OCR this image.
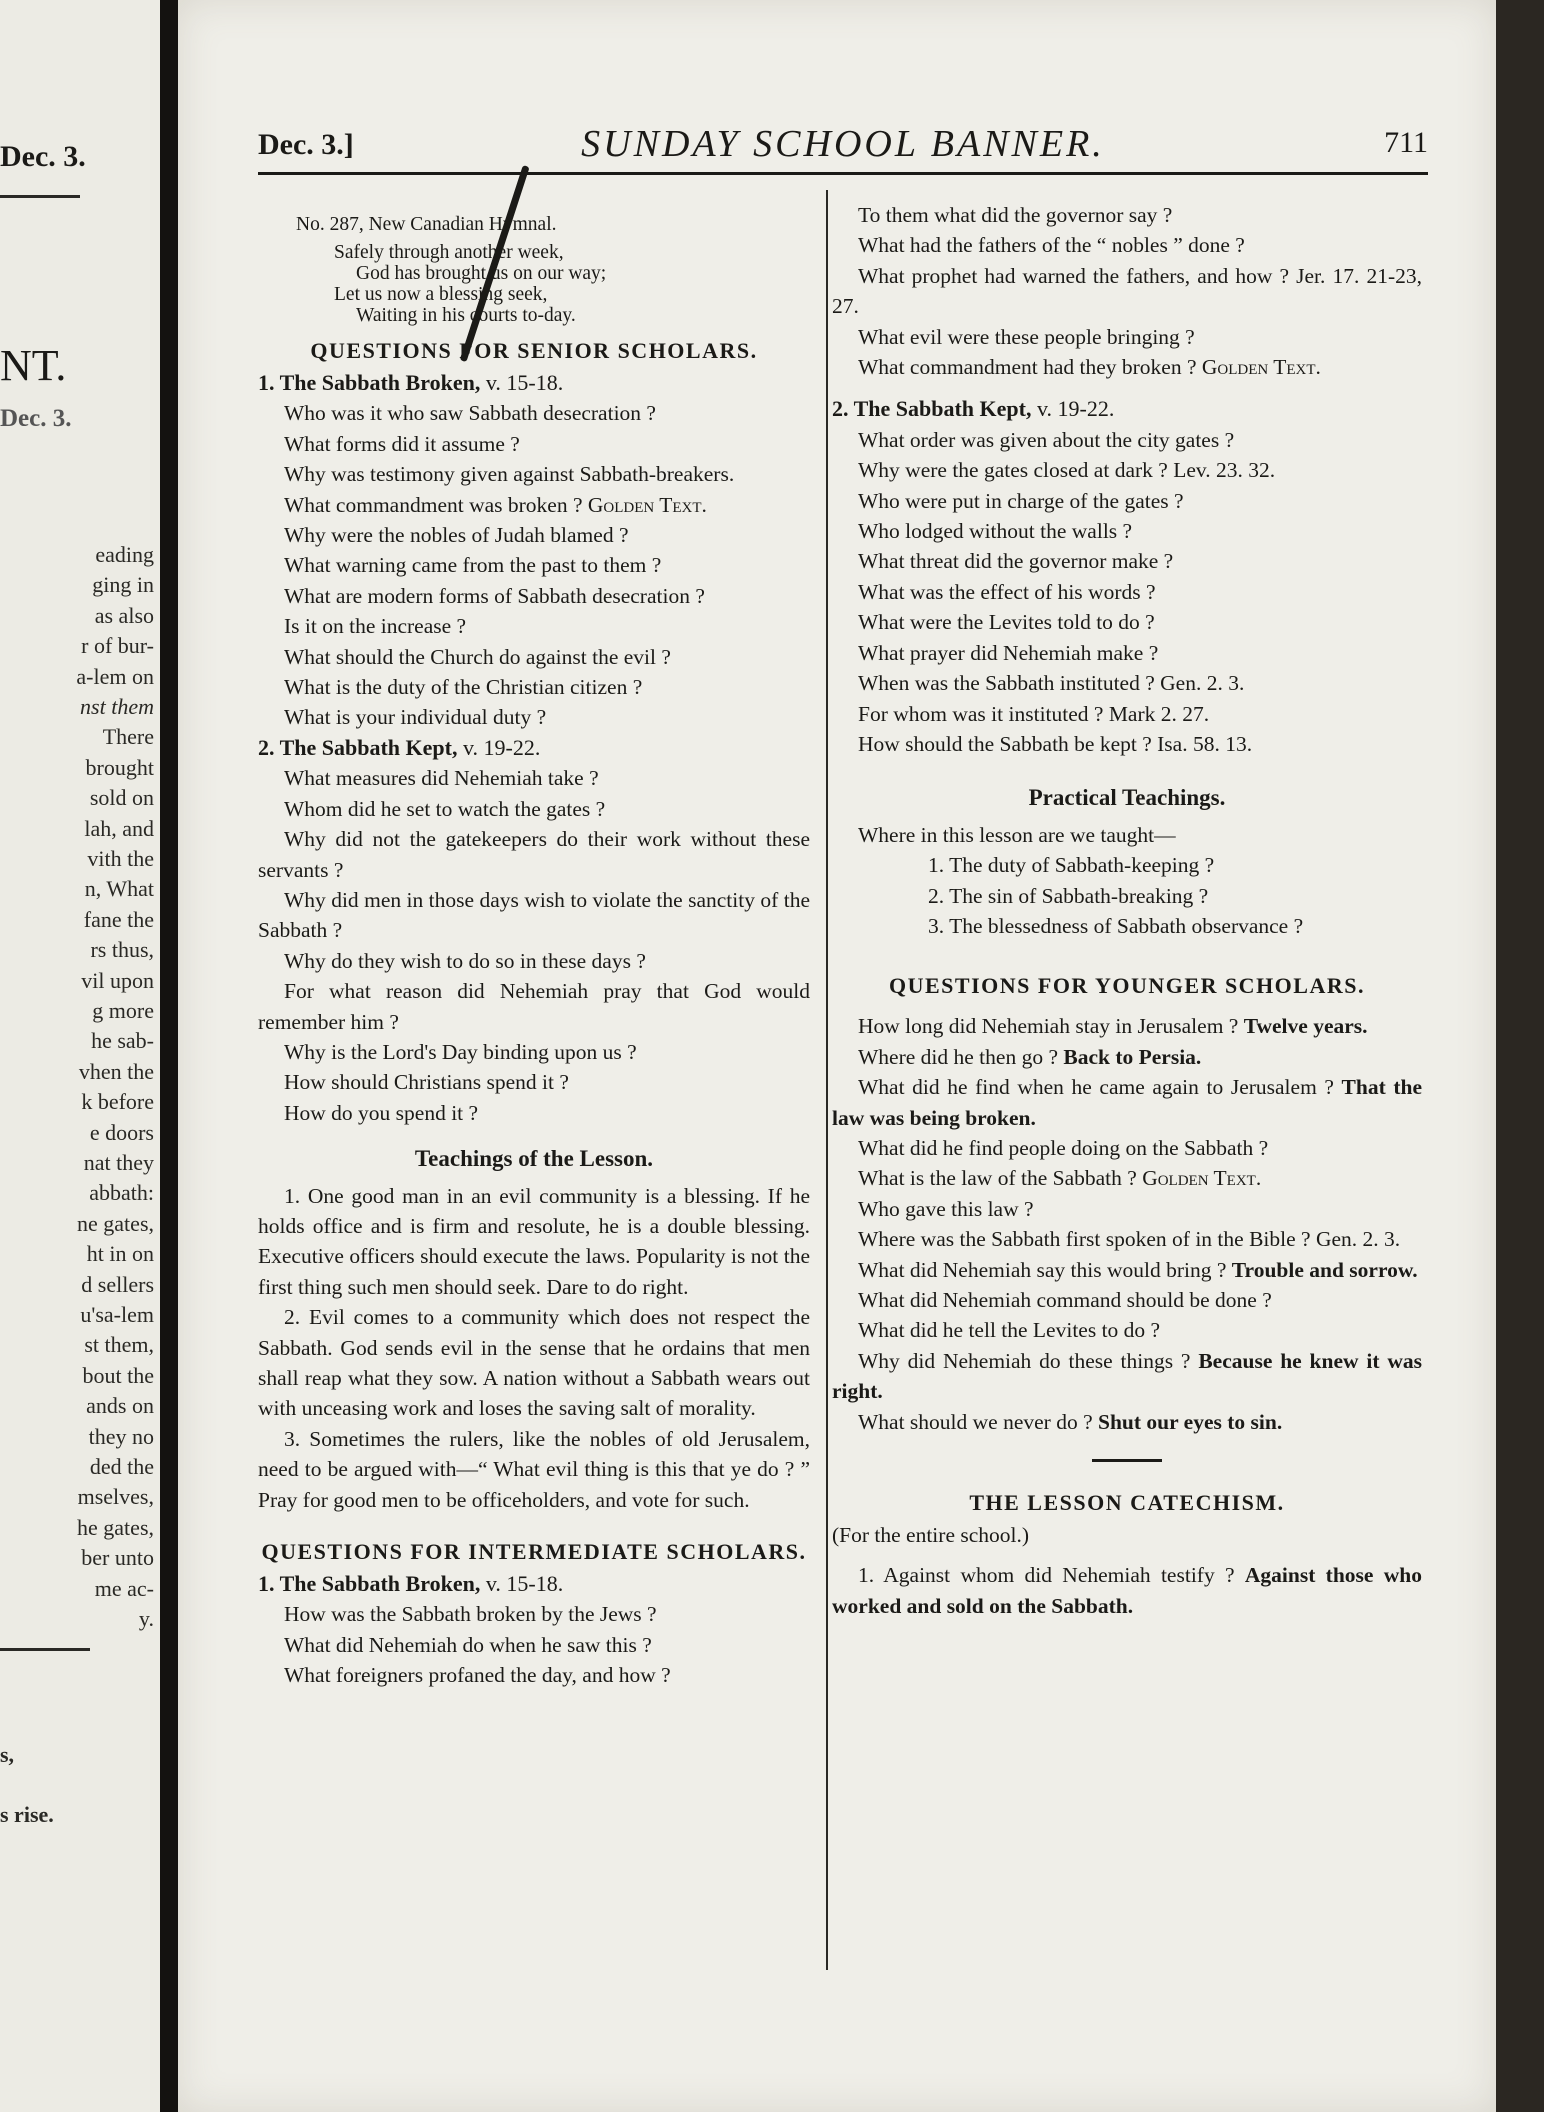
Dec. 3.
NT.
Dec. 3.
eading
ging in
as also
r of bur-
a-lem on
nst them
There
brought
sold on
lah, and
vith the
n, What
fane the
rs thus,
vil upon
g more
he sab-
vhen the
k before
e doors
nat they
abbath:
ne gates,
ht in on
d sellers
u'sa-lem
st them,
bout the
ands on
they no
ded the
mselves,
he gates,
ber unto
me ac-
y.
s,
s rise.
Dec. 3.]	SUNDAY SCHOOL BANNER.	711

No. 287, New Canadian Hymnal.

Safely through another week,
God has brought us on our way;
Let us now a blessing seek,
Waiting in his courts to-day.
QUESTIONS FOR SENIOR SCHOLARS.

1. The Sabbath Broken, v. 15-18.

Who was it who saw Sabbath desecration ?

What forms did it assume ?

Why was testimony given against Sabbath-breakers.

What commandment was broken ? Golden Text.

Why were the nobles of Judah blamed ?

What warning came from the past to them ?

What are modern forms of Sabbath desecration ?

Is it on the increase ?

What should the Church do against the evil ?

What is the duty of the Christian citizen ?

What is your individual duty ?

2. The Sabbath Kept, v. 19-22.

What measures did Nehemiah take ?

Whom did he set to watch the gates ?

Why did not the gatekeepers do their work without these servants ?

Why did men in those days wish to violate the sanctity of the Sabbath ?

Why do they wish to do so in these days ?

For what reason did Nehemiah pray that God would remember him ?

Why is the Lord's Day binding upon us ?

How should Christians spend it ?

How do you spend it ?

Teachings of the Lesson.

1. One good man in an evil community is a blessing. If he holds office and is firm and resolute, he is a double blessing. Executive officers should execute the laws. Popularity is not the first thing such men should seek. Dare to do right.

2. Evil comes to a community which does not respect the Sabbath. God sends evil in the sense that he ordains that men shall reap what they sow. A nation without a Sabbath wears out with unceasing work and loses the saving salt of morality.

3. Sometimes the rulers, like the nobles of old Jerusalem, need to be argued with—“ What evil thing is this that ye do ? ” Pray for good men to be officeholders, and vote for such.

QUESTIONS FOR INTERMEDIATE SCHOLARS.

1. The Sabbath Broken, v. 15-18.

How was the Sabbath broken by the Jews ?

What did Nehemiah do when he saw this ?

What foreigners profaned the day, and how ?

To them what did the governor say ?

What had the fathers of the “ nobles ” done ?

What prophet had warned the fathers, and how ? Jer. 17. 21-23, 27.

What evil were these people bringing ?

What commandment had they broken ? Golden Text.

2. The Sabbath Kept, v. 19-22.

What order was given about the city gates ?

Why were the gates closed at dark ? Lev. 23. 32.

Who were put in charge of the gates ?

Who lodged without the walls ?

What threat did the governor make ?

What was the effect of his words ?

What were the Levites told to do ?

What prayer did Nehemiah make ?

When was the Sabbath instituted ? Gen. 2. 3.

For whom was it instituted ? Mark 2. 27.

How should the Sabbath be kept ? Isa. 58. 13.

Practical Teachings.

Where in this lesson are we taught—

1. The duty of Sabbath-keeping ?

2. The sin of Sabbath-breaking ?

3. The blessedness of Sabbath observance ?

QUESTIONS FOR YOUNGER SCHOLARS.

How long did Nehemiah stay in Jerusalem ? Twelve years.

Where did he then go ? Back to Persia.

What did he find when he came again to Jerusalem ? That the law was being broken.

What did he find people doing on the Sabbath ?

What is the law of the Sabbath ? Golden Text.

Who gave this law ?

Where was the Sabbath first spoken of in the Bible ? Gen. 2. 3.

What did Nehemiah say this would bring ? Trouble and sorrow.

What did Nehemiah command should be done ?

What did he tell the Levites to do ?

Why did Nehemiah do these things ? Because he knew it was right.

What should we never do ? Shut our eyes to sin.

THE LESSON CATECHISM.

(For the entire school.)

1. Against whom did Nehemiah testify ? Against those who worked and sold on the Sabbath.
